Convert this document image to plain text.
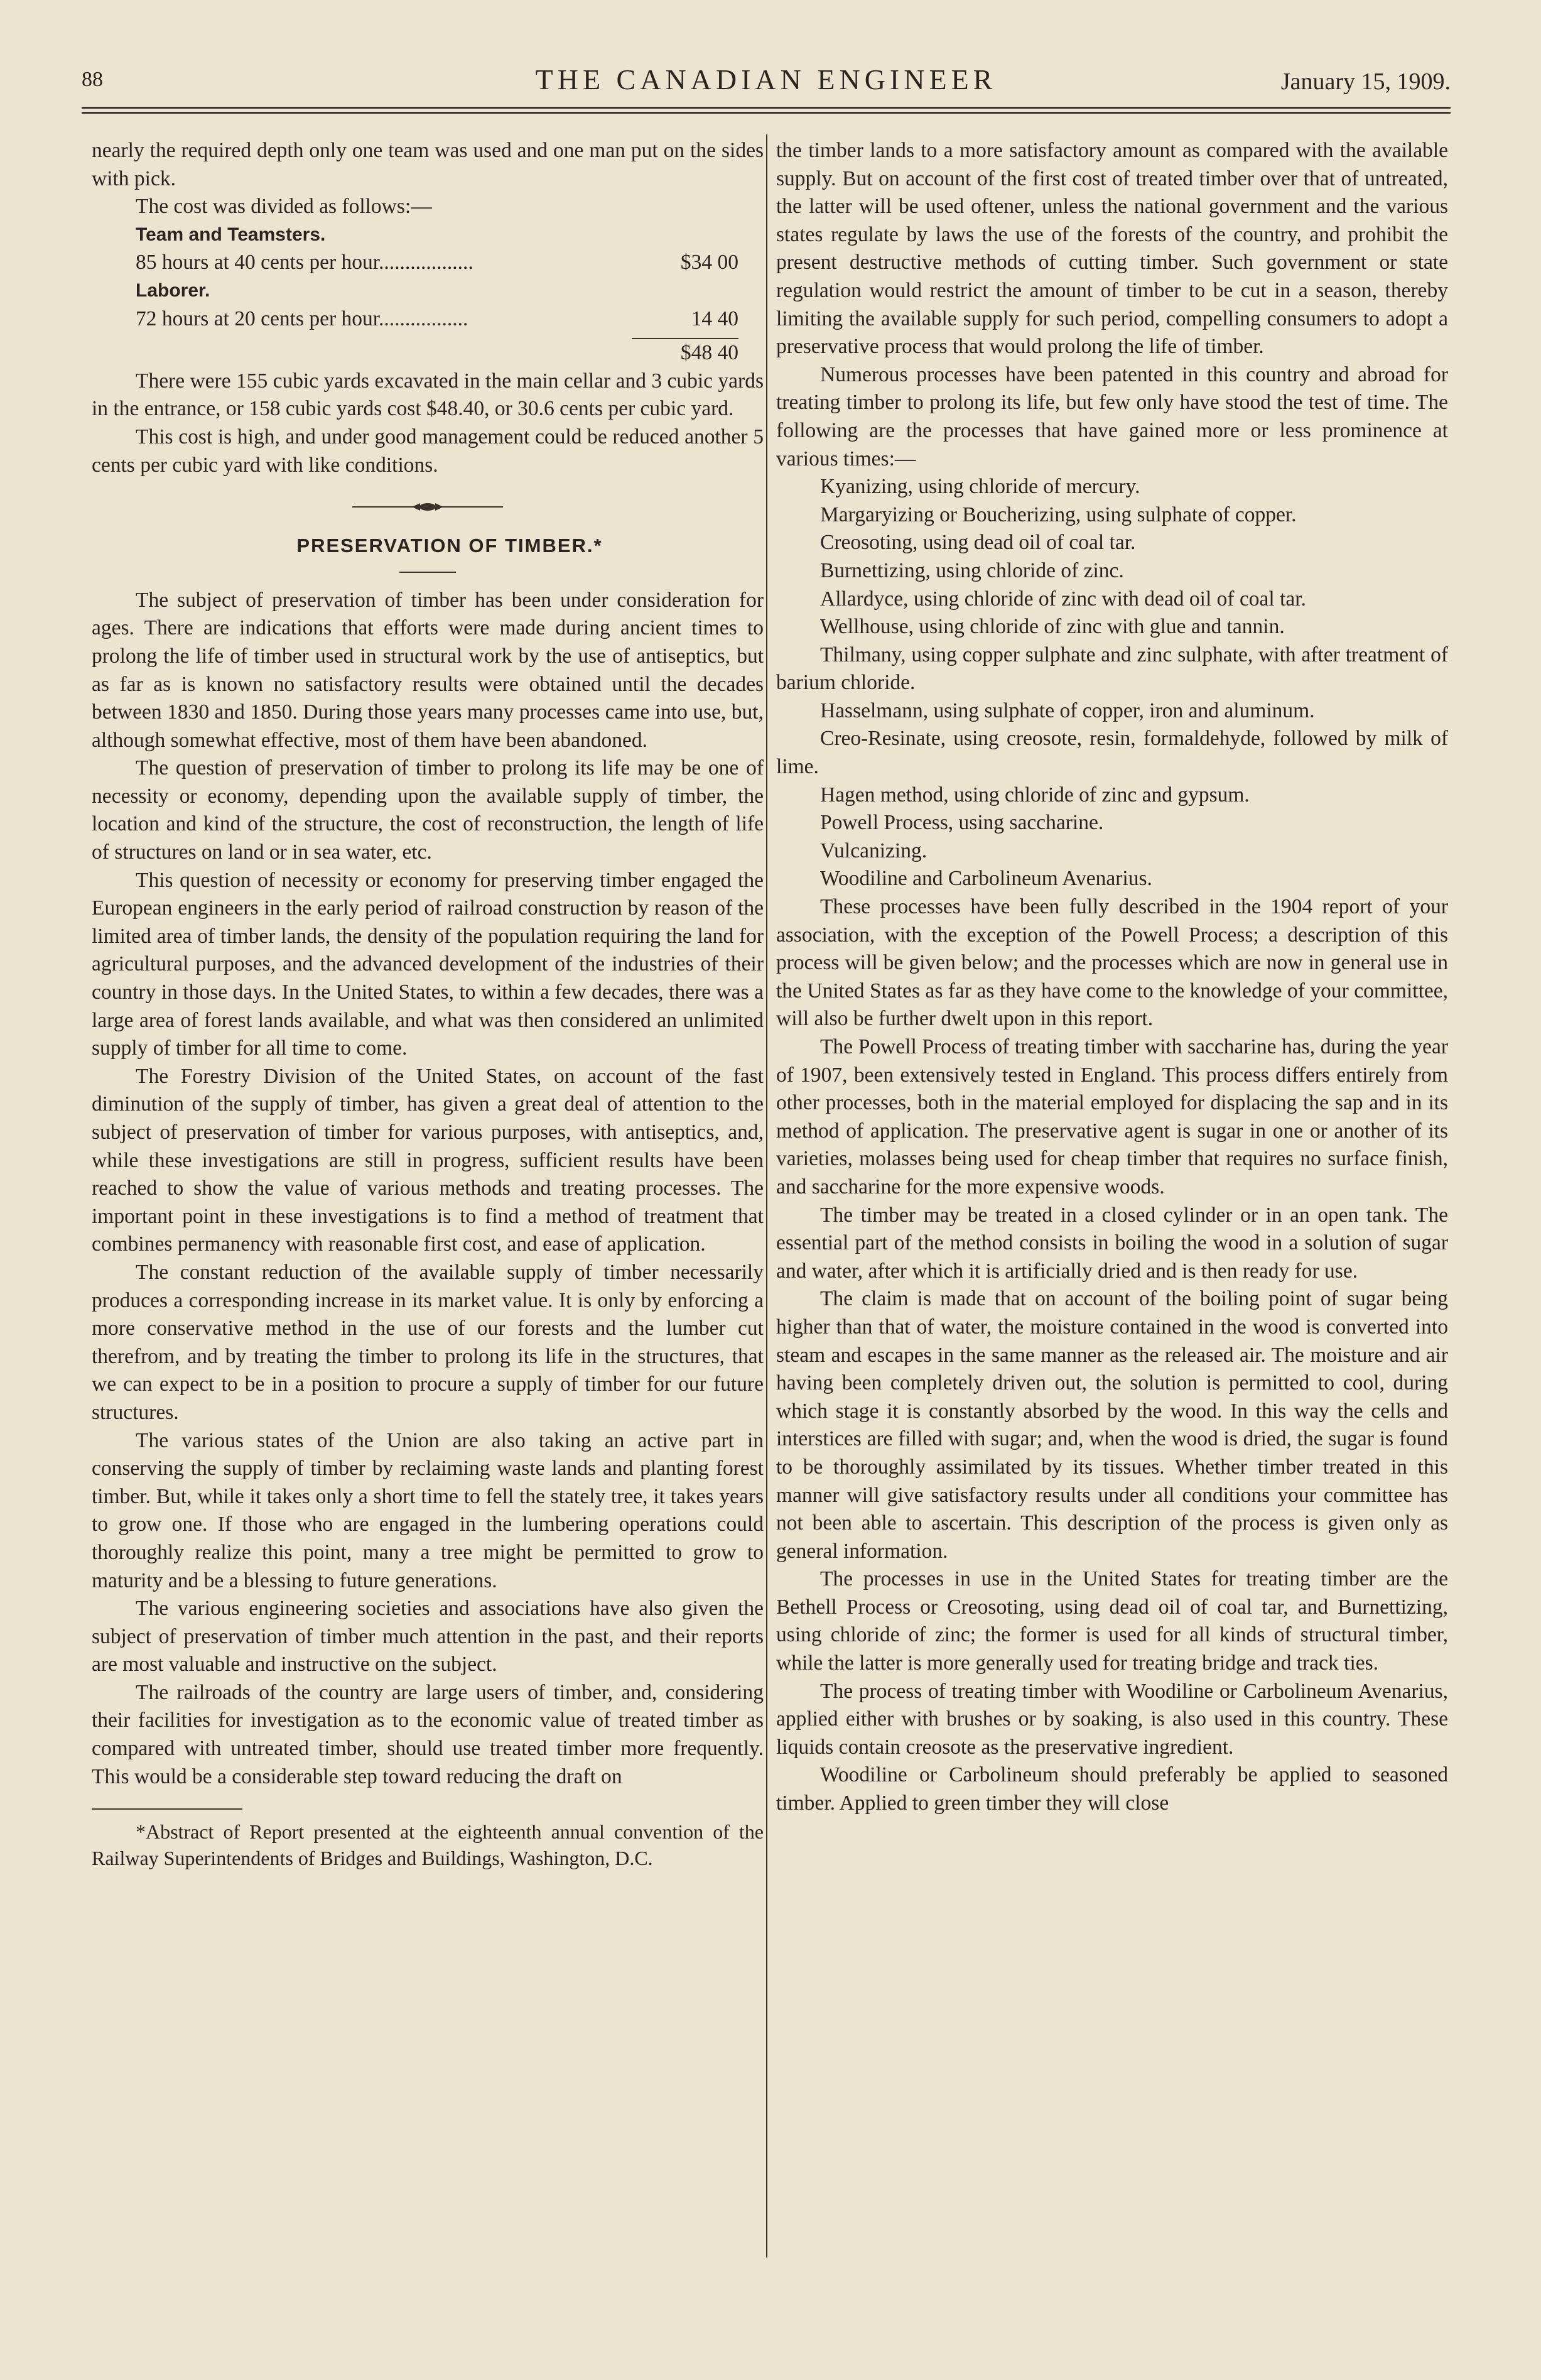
88	THE CANADIAN ENGINEER	January 15, 1909.

nearly the required depth only one team was used and one man put on the sides with pick.

The cost was divided as follows:—

Team and Teamsters.

85 hours at 40 cents per hour..................	$34 00

Laborer.

72 hours at 20 cents per hour.................	14 40

$48 40

There were 155 cubic yards excavated in the main cellar and 3 cubic yards in the entrance, or 158 cubic yards cost $48.40, or 30.6 cents per cubic yard.

This cost is high, and under good management could be reduced another 5 cents per cubic yard with like conditions.

PRESERVATION OF TIMBER.*

The subject of preservation of timber has been under consideration for ages. There are indications that efforts were made during ancient times to prolong the life of timber used in structural work by the use of antiseptics, but as far as is known no satisfactory results were obtained until the decades between 1830 and 1850. During those years many processes came into use, but, although somewhat effective, most of them have been abandoned.

The question of preservation of timber to prolong its life may be one of necessity or economy, depending upon the available supply of timber, the location and kind of the structure, the cost of reconstruction, the length of life of structures on land or in sea water, etc.

This question of necessity or economy for preserving timber engaged the European engineers in the early period of railroad construction by reason of the limited area of timber lands, the density of the population requiring the land for agricultural purposes, and the advanced development of the industries of their country in those days. In the United States, to within a few decades, there was a large area of forest lands available, and what was then considered an unlimited supply of timber for all time to come.

The Forestry Division of the United States, on account of the fast diminution of the supply of timber, has given a great deal of attention to the subject of preservation of timber for various purposes, with antiseptics, and, while these investigations are still in progress, sufficient results have been reached to show the value of various methods and treating processes. The important point in these investigations is to find a method of treatment that combines permanency with reasonable first cost, and ease of application.

The constant reduction of the available supply of timber necessarily produces a corresponding increase in its market value. It is only by enforcing a more conservative method in the use of our forests and the lumber cut therefrom, and by treating the timber to prolong its life in the structures, that we can expect to be in a position to procure a supply of timber for our future structures.

The various states of the Union are also taking an active part in conserving the supply of timber by reclaiming waste lands and planting forest timber. But, while it takes only a short time to fell the stately tree, it takes years to grow one. If those who are engaged in the lumbering operations could thoroughly realize this point, many a tree might be permitted to grow to maturity and be a blessing to future generations.

The various engineering societies and associations have also given the subject of preservation of timber much attention in the past, and their reports are most valuable and instructive on the subject.

The railroads of the country are large users of timber, and, considering their facilities for investigation as to the economic value of treated timber as compared with untreated timber, should use treated timber more frequently. This would be a considerable step toward reducing the draft on

*Abstract of Report presented at the eighteenth annual convention of the Railway Superintendents of Bridges and Buildings, Washington, D.C.

the timber lands to a more satisfactory amount as compared with the available supply. But on account of the first cost of treated timber over that of untreated, the latter will be used oftener, unless the national government and the various states regulate by laws the use of the forests of the country, and prohibit the present destructive methods of cutting timber. Such government or state regulation would restrict the amount of timber to be cut in a season, thereby limiting the available supply for such period, compelling consumers to adopt a preservative process that would prolong the life of timber.

Numerous processes have been patented in this country and abroad for treating timber to prolong its life, but few only have stood the test of time. The following are the processes that have gained more or less prominence at various times:—

Kyanizing, using chloride of mercury.

Margaryizing or Boucherizing, using sulphate of copper.

Creosoting, using dead oil of coal tar.

Burnettizing, using chloride of zinc.

Allardyce, using chloride of zinc with dead oil of coal tar.

Wellhouse, using chloride of zinc with glue and tannin.

Thilmany, using copper sulphate and zinc sulphate, with after treatment of barium chloride.

Hasselmann, using sulphate of copper, iron and aluminum.

Creo-Resinate, using creosote, resin, formaldehyde, followed by milk of lime.

Hagen method, using chloride of zinc and gypsum.

Powell Process, using saccharine.

Vulcanizing.

Woodiline and Carbolineum Avenarius.

These processes have been fully described in the 1904 report of your association, with the exception of the Powell Process; a description of this process will be given below; and the processes which are now in general use in the United States as far as they have come to the knowledge of your committee, will also be further dwelt upon in this report.

The Powell Process of treating timber with saccharine has, during the year of 1907, been extensively tested in England. This process differs entirely from other processes, both in the material employed for displacing the sap and in its method of application. The preservative agent is sugar in one or another of its varieties, molasses being used for cheap timber that requires no surface finish, and saccharine for the more expensive woods.

The timber may be treated in a closed cylinder or in an open tank. The essential part of the method consists in boiling the wood in a solution of sugar and water, after which it is artificially dried and is then ready for use.

The claim is made that on account of the boiling point of sugar being higher than that of water, the moisture contained in the wood is converted into steam and escapes in the same manner as the released air. The moisture and air having been completely driven out, the solution is permitted to cool, during which stage it is constantly absorbed by the wood. In this way the cells and interstices are filled with sugar; and, when the wood is dried, the sugar is found to be thoroughly assimilated by its tissues. Whether timber treated in this manner will give satisfactory results under all conditions your committee has not been able to ascertain. This description of the process is given only as general information.

The processes in use in the United States for treating timber are the Bethell Process or Creosoting, using dead oil of coal tar, and Burnettizing, using chloride of zinc; the former is used for all kinds of structural timber, while the latter is more generally used for treating bridge and track ties.

The process of treating timber with Woodiline or Carbolineum Avenarius, applied either with brushes or by soaking, is also used in this country. These liquids contain creosote as the preservative ingredient.

Woodiline or Carbolineum should preferably be applied to seasoned timber. Applied to green timber they will close
